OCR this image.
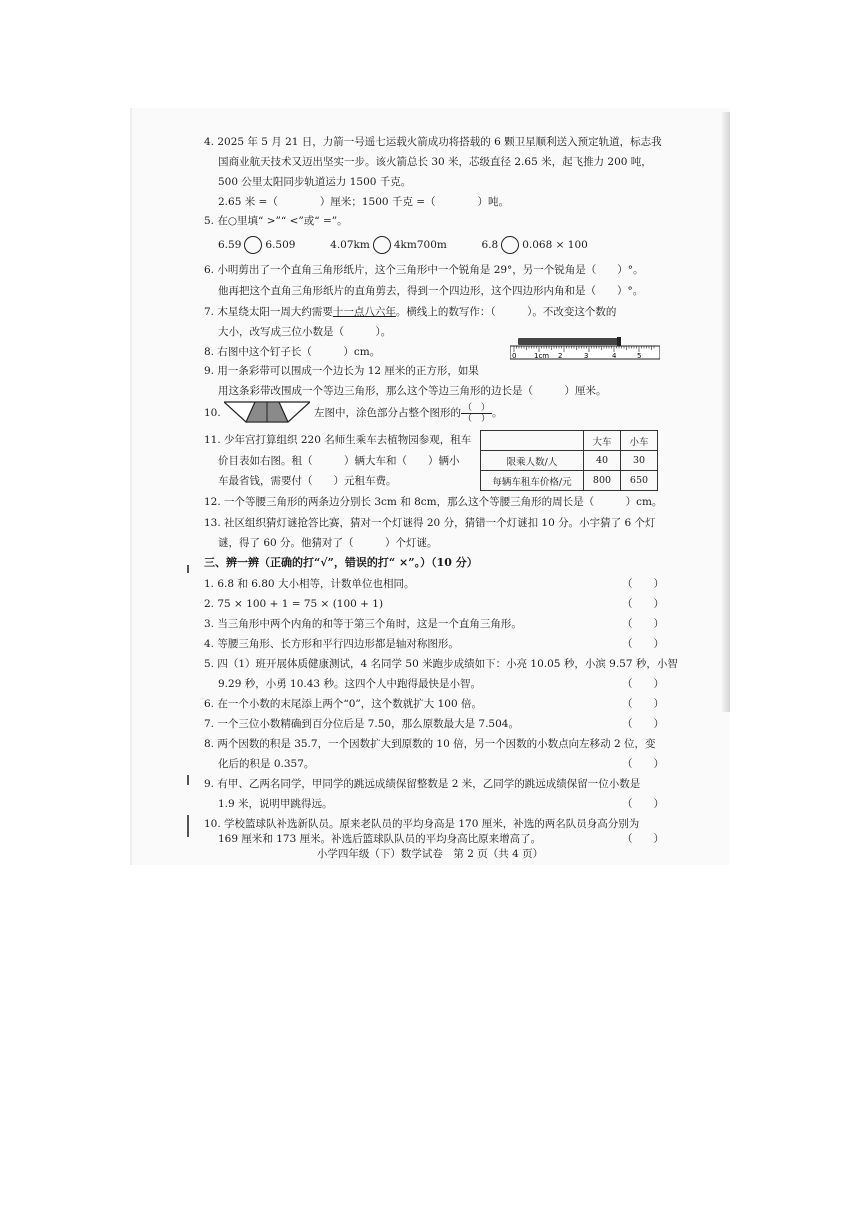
4. 2025 年 5 月 21 日，力箭一号遥七运载火箭成功将搭载的 6 颗卫星顺利送入预定轨道，标志我
国商业航天技术又迈出坚实一步。该火箭总长 30 米，芯级直径 2.65 米，起飞推力 200 吨，
500 公里太阳同步轨道运力 1500 千克。
2.65 米 =（　　　　）厘米；1500 千克 =（　　　　）吨。
5. 在○里填“ >”“ <”或“ =”。
6.59 6.509	4.07km 4km700m	6.8 0.068 × 100
6. 小明剪出了一个直角三角形纸片，这个三角形中一个锐角是 29°，另一个锐角是（　　）°。
他再把这个直角三角形纸片的直角剪去，得到一个四边形，这个四边形内角和是（　　）°。
7. 木星绕太阳一周大约需要十一点八六年。横线上的数写作：（　　　）。不改变这个数的
大小，改写成三位小数是（　　　）。
8. 右图中这个钉子长（　　　）cm。	0	1cm 2	3	4	5
9. 用一条彩带可以围成一个边长为 12 厘米的正方形，如果
用这条彩带改围成一个等边三角形，那么这个等边三角形的边长是（　　　）厘米。
10.	左图中，涂色部分占整个图形的 $\frac{( )}{( )}$ 。
11. 少年宫打算组织 220 名师生乘车去植物园参观，租车
价目表如右图。租（　　　）辆大车和（　　）辆小
车最省钱，需要付（　　）元租车费。
	大车	小车
限乘人数/人	40	30
每辆车租车价格/元	800	650
12. 一个等腰三角形的两条边分别长 3cm 和 8cm，那么这个等腰三角形的周长是（　　　）cm。
13. 社区组织猜灯谜抢答比赛，猜对一个灯谜得 20 分，猜错一个灯谜扣 10 分。小宇猜了 6 个灯
谜，得了 60 分。他猜对了（　　　）个灯谜。
三、辨一辨（正确的打“√”，错误的打“ ×”。）（10 分）
1. 6.8 和 6.80 大小相等，计数单位也相同。	（　　）
2. 75 × 100 + 1 = 75 × (100 + 1)	（　　）
3. 当三角形中两个内角的和等于第三个角时，这是一个直角三角形。	（　　）
4. 等腰三角形、长方形和平行四边形都是轴对称图形。	（　　）
5. 四（1）班开展体质健康测试，4 名同学 50 米跑步成绩如下：小亮 10.05 秒，小滨 9.57 秒，小智
9.29 秒，小勇 10.43 秒。这四个人中跑得最快是小智。	（　　）
6. 在一个小数的末尾添上两个“0”，这个数就扩大 100 倍。	（　　）
7. 一个三位小数精确到百分位后是 7.50，那么原数最大是 7.504。	（　　）
8. 两个因数的积是 35.7，一个因数扩大到原数的 10 倍，另一个因数的小数点向左移动 2 位，变
化后的积是 0.357。	（　　）
9. 有甲、乙两名同学，甲同学的跳远成绩保留整数是 2 米，乙同学的跳远成绩保留一位小数是
1.9 米，说明甲跳得远。	（　　）
10. 学校篮球队补选新队员。原来老队员的平均身高是 170 厘米，补选的两名队员身高分别为
169 厘米和 173 厘米。补选后篮球队队员的平均身高比原来增高了。	（　　）
小学四年级（下）数学试卷　第 2 页（共 4 页）
